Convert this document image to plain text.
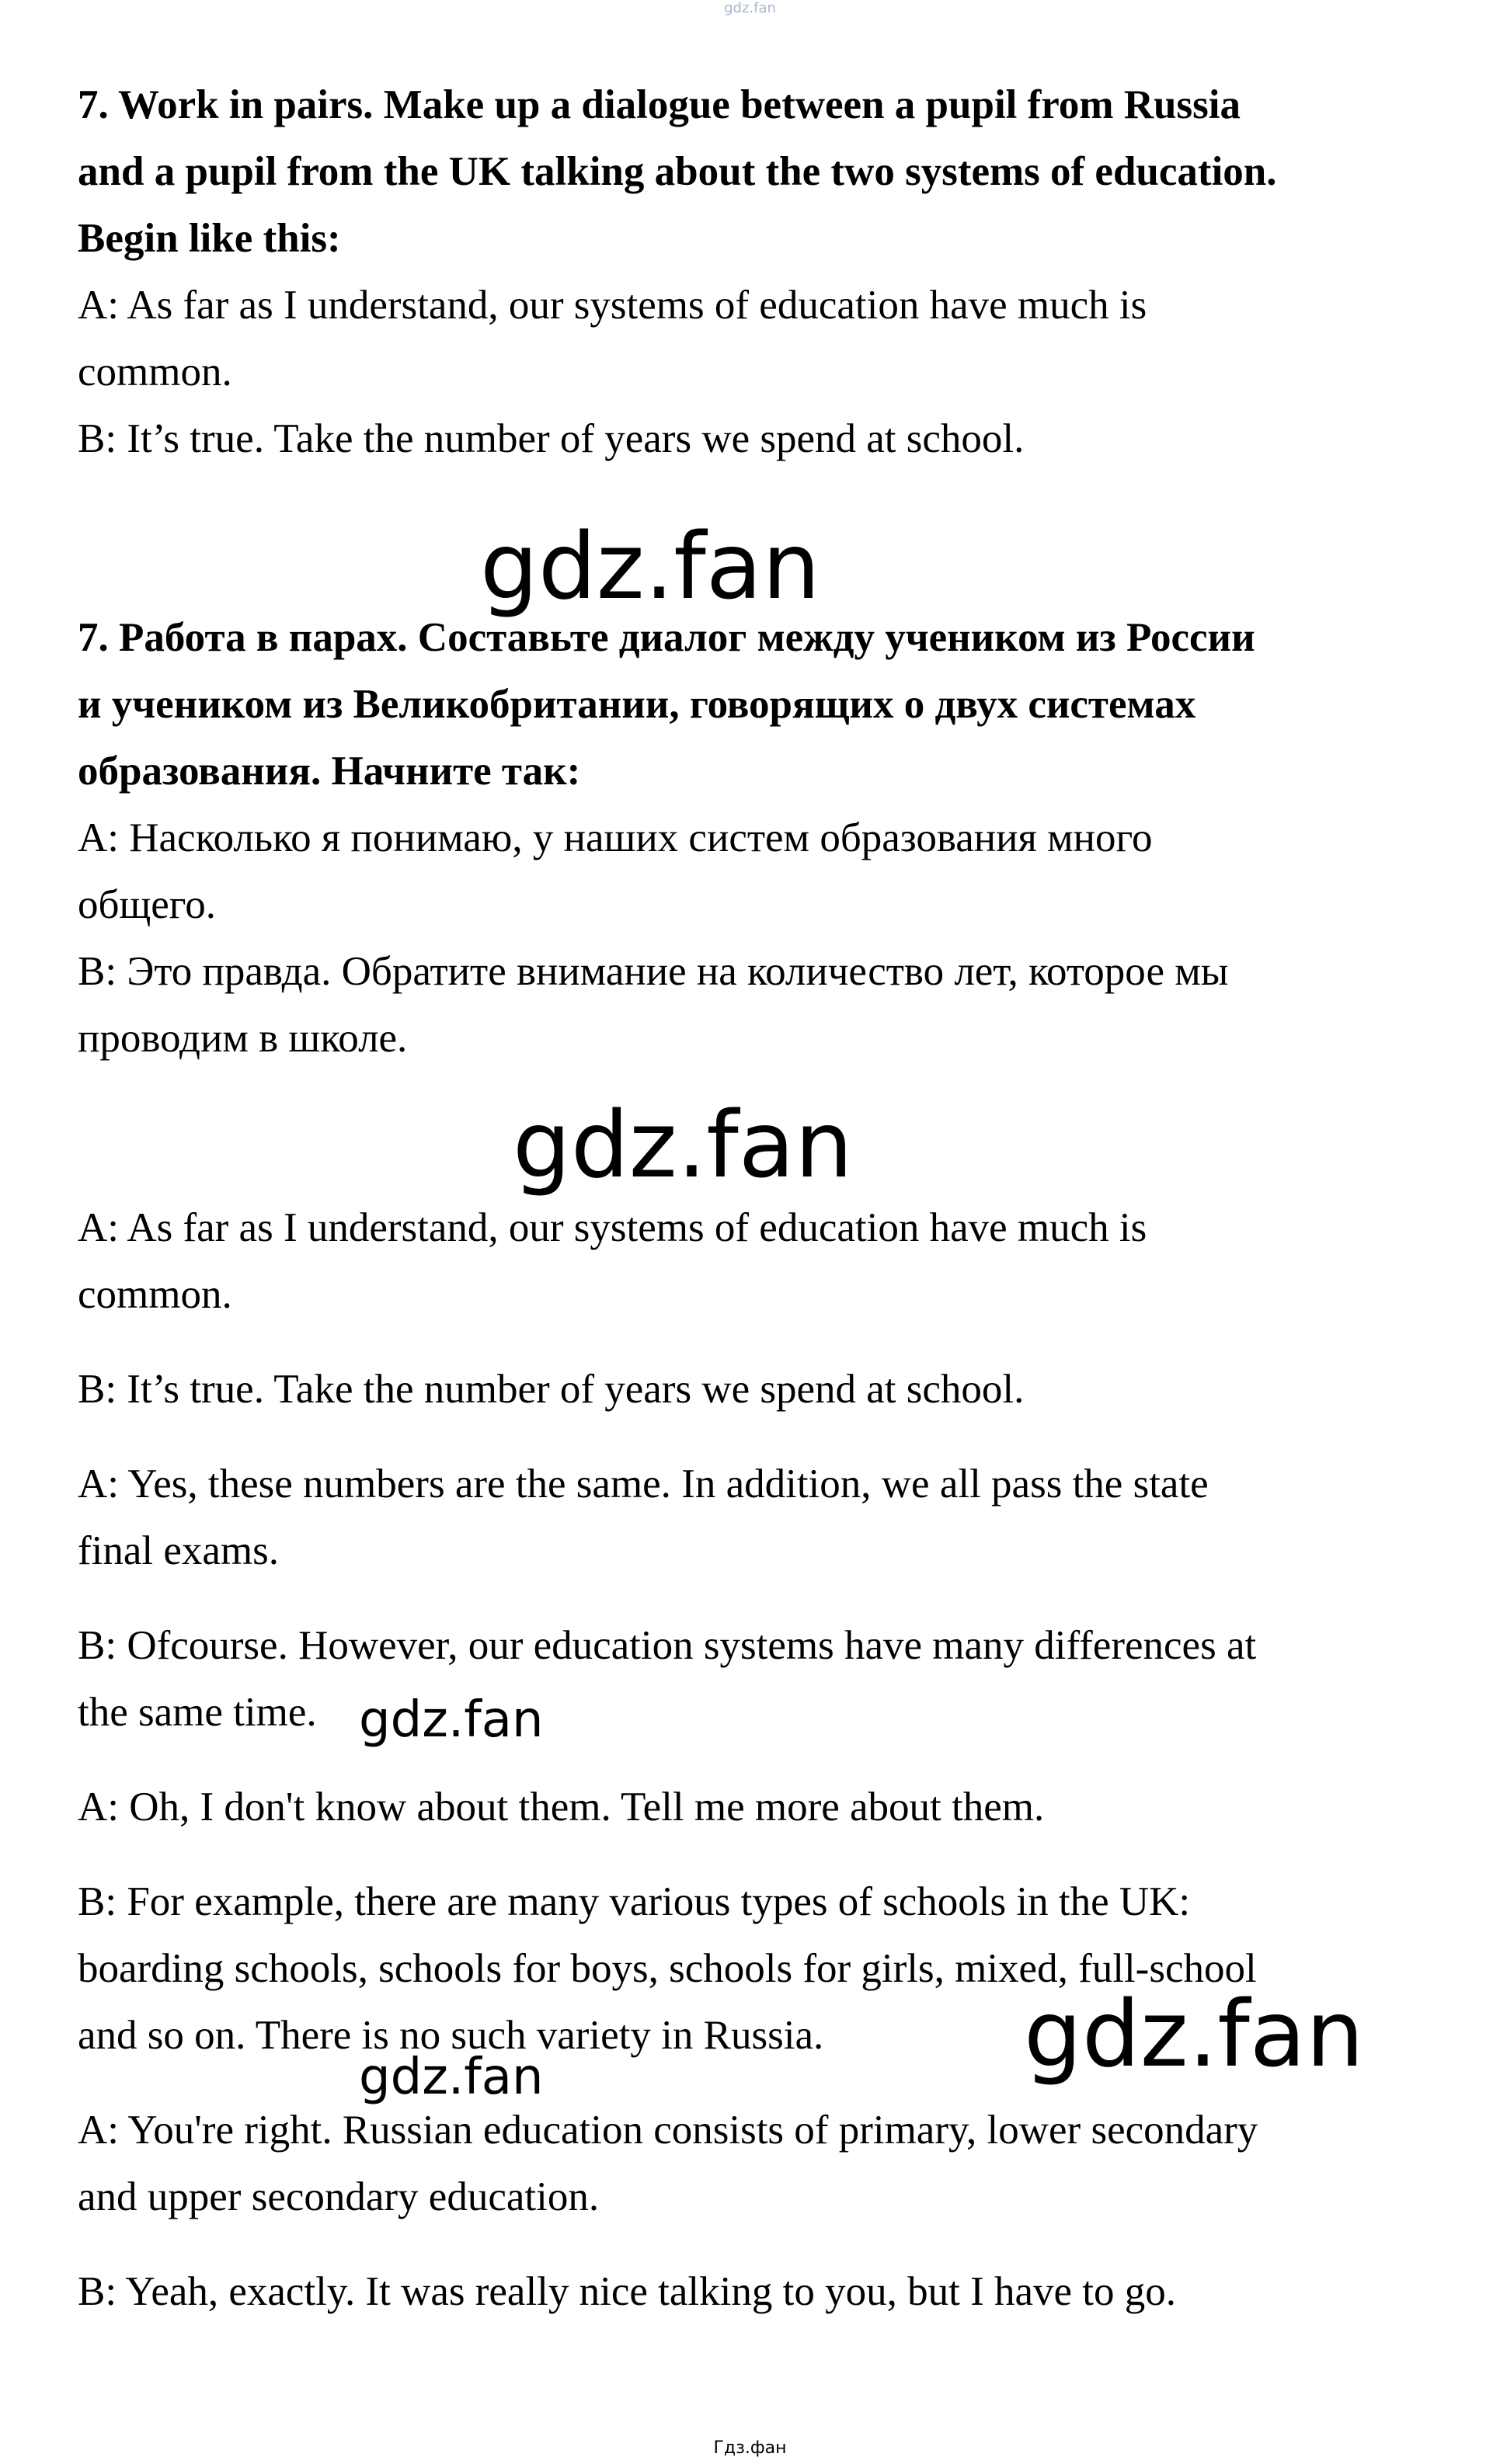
gdz.fan
7. Work in pairs. Make up a dialogue between a pupil from Russia
and a pupil from the UK talking about the two systems of education.
Begin like this:
A: As far as I understand, our systems of education have much is
common.
B: It’s true. Take the number of years we spend at school.
gdz.fan
7. Работа в парах. Составьте диалог между учеником из России
и учеником из Великобритании, говорящих о двух системах
образования. Начните так:
А: Насколько я понимаю, у наших систем образования много
общего.
В: Это правда. Обратите внимание на количество лет, которое мы
проводим в школе.
gdz.fan
A: As far as I understand, our systems of education have much is
common.
B: It’s true. Take the number of years we spend at school.
A: Yes, these numbers are the same. In addition, we all pass the state
final exams.
B: Ofcourse. However, our education systems have many differences at
the same time. gdz.fan
A: Oh, I don't know about them. Tell me more about them.
B: For example, there are many various types of schools in the UK:
boarding schools, schools for boys, schools for girls, mixed, full-school
and so on. There is no such variety in Russia. gdz.fan
gdz.fan
A: You're right. Russian education consists of primary, lower secondary
and upper secondary education.
B: Yeah, exactly. It was really nice talking to you, but I have to go.
Гдз.фан
